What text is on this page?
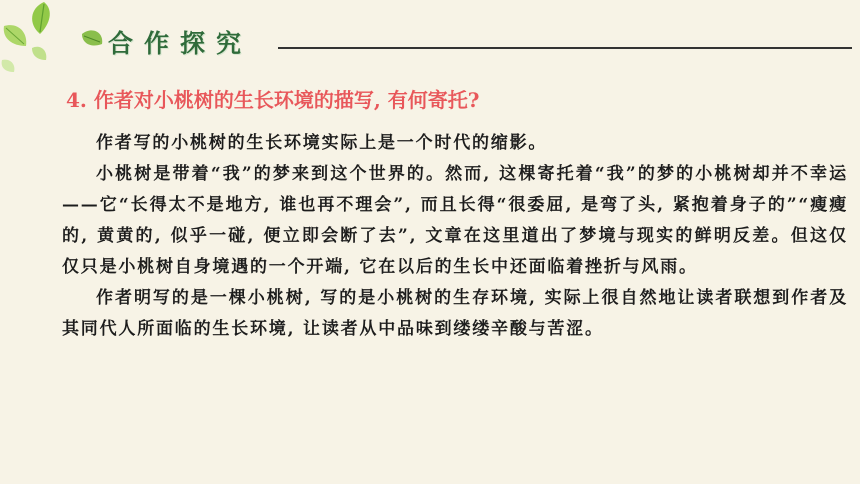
合作探究
4. 作者对小桃树的生长环境的描写, 有何寄托?

作者写的小桃树的生长环境实际上是一个时代的缩影。

小桃树是带着“我”的梦来到这个世界的。然而, 这棵寄托着“我”的梦的小桃树却并不幸运——它“长得太不是地方, 谁也再不理会”, 而且长得“很委屈, 是弯了头, 紧抱着身子的”“瘦瘦的, 黄黄的, 似乎一碰, 便立即会断了去”, 文章在这里道出了梦境与现实的鲜明反差。但这仅仅只是小桃树自身境遇的一个开端, 它在以后的生长中还面临着挫折与风雨。

作者明写的是一棵小桃树, 写的是小桃树的生存环境, 实际上很自然地让读者联想到作者及其同代人所面临的生长环境, 让读者从中品味到缕缕辛酸与苦涩。
